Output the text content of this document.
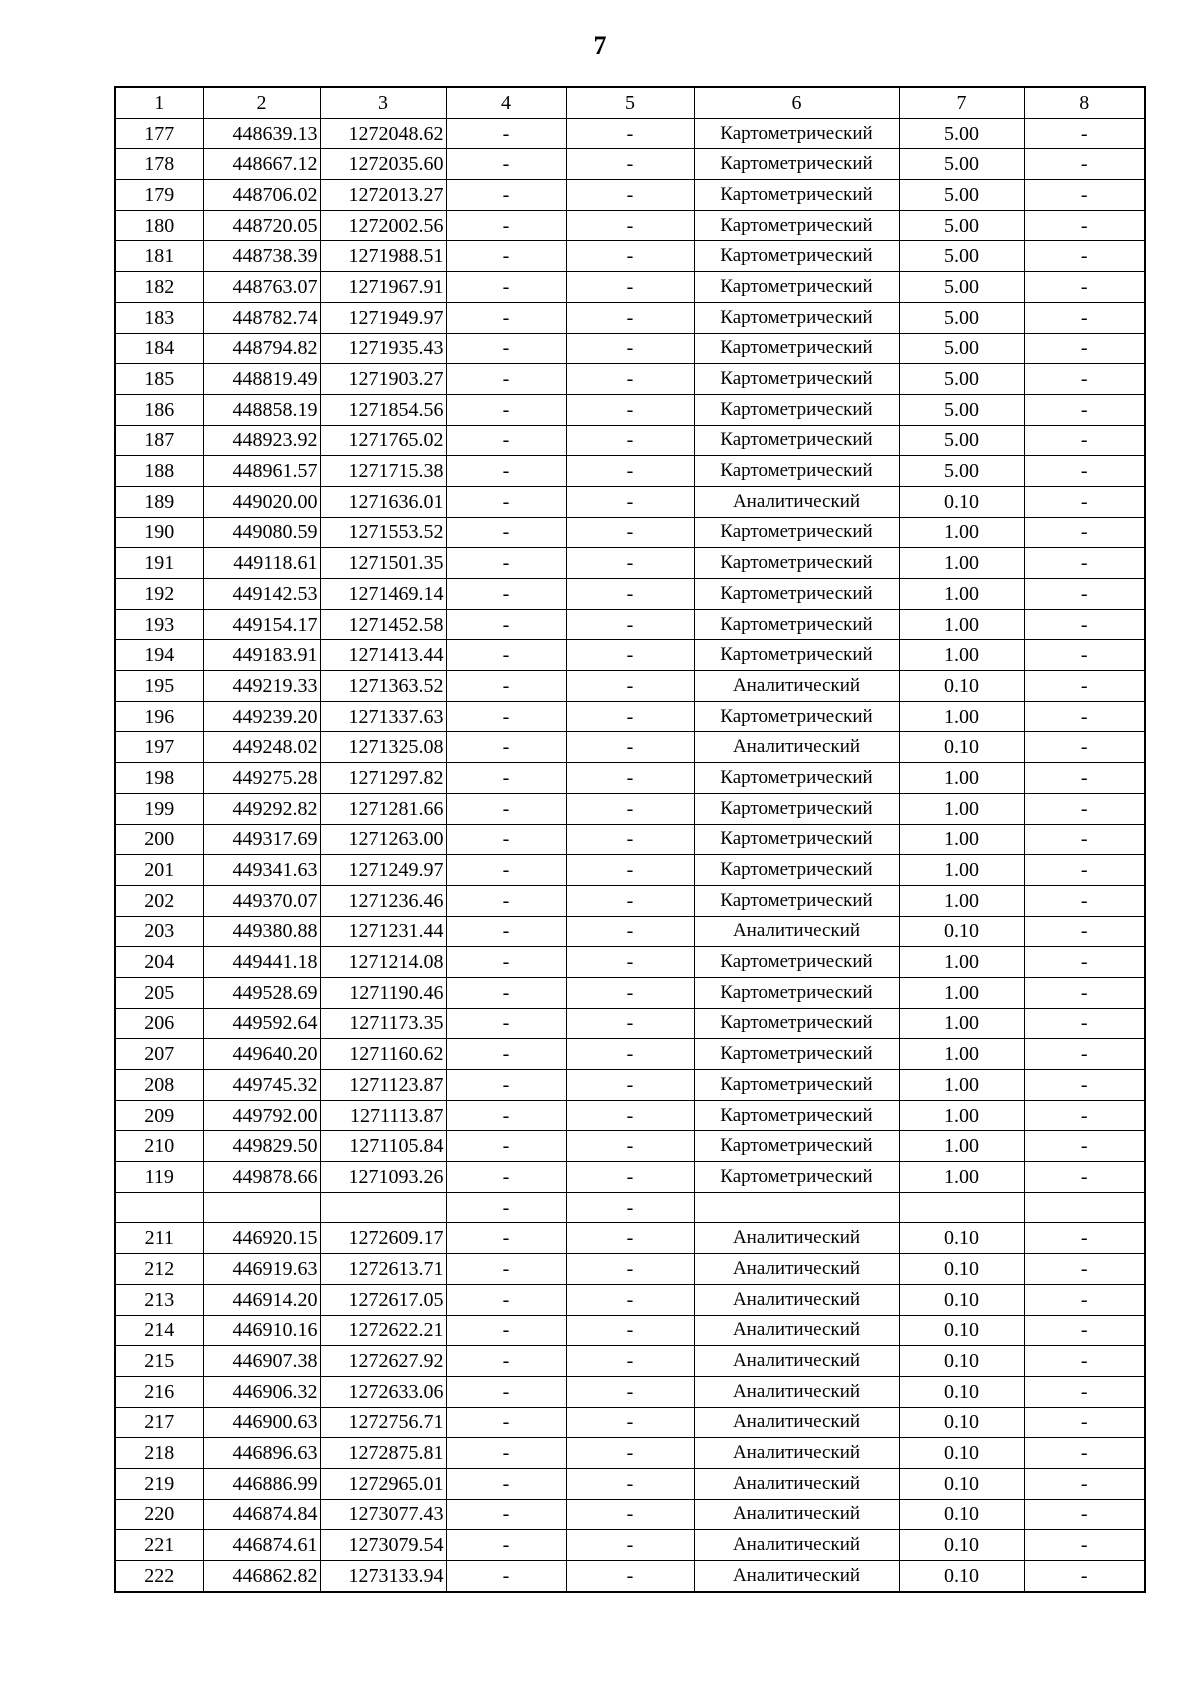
7
1	2	3	4	5	6	7	8
177	448639.13	1272048.62	-	-	Картометрический	5.00	-
178	448667.12	1272035.60	-	-	Картометрический	5.00	-
179	448706.02	1272013.27	-	-	Картометрический	5.00	-
180	448720.05	1272002.56	-	-	Картометрический	5.00	-
181	448738.39	1271988.51	-	-	Картометрический	5.00	-
182	448763.07	1271967.91	-	-	Картометрический	5.00	-
183	448782.74	1271949.97	-	-	Картометрический	5.00	-
184	448794.82	1271935.43	-	-	Картометрический	5.00	-
185	448819.49	1271903.27	-	-	Картометрический	5.00	-
186	448858.19	1271854.56	-	-	Картометрический	5.00	-
187	448923.92	1271765.02	-	-	Картометрический	5.00	-
188	448961.57	1271715.38	-	-	Картометрический	5.00	-
189	449020.00	1271636.01	-	-	Аналитический	0.10	-
190	449080.59	1271553.52	-	-	Картометрический	1.00	-
191	449118.61	1271501.35	-	-	Картометрический	1.00	-
192	449142.53	1271469.14	-	-	Картометрический	1.00	-
193	449154.17	1271452.58	-	-	Картометрический	1.00	-
194	449183.91	1271413.44	-	-	Картометрический	1.00	-
195	449219.33	1271363.52	-	-	Аналитический	0.10	-
196	449239.20	1271337.63	-	-	Картометрический	1.00	-
197	449248.02	1271325.08	-	-	Аналитический	0.10	-
198	449275.28	1271297.82	-	-	Картометрический	1.00	-
199	449292.82	1271281.66	-	-	Картометрический	1.00	-
200	449317.69	1271263.00	-	-	Картометрический	1.00	-
201	449341.63	1271249.97	-	-	Картометрический	1.00	-
202	449370.07	1271236.46	-	-	Картометрический	1.00	-
203	449380.88	1271231.44	-	-	Аналитический	0.10	-
204	449441.18	1271214.08	-	-	Картометрический	1.00	-
205	449528.69	1271190.46	-	-	Картометрический	1.00	-
206	449592.64	1271173.35	-	-	Картометрический	1.00	-
207	449640.20	1271160.62	-	-	Картометрический	1.00	-
208	449745.32	1271123.87	-	-	Картометрический	1.00	-
209	449792.00	1271113.87	-	-	Картометрический	1.00	-
210	449829.50	1271105.84	-	-	Картометрический	1.00	-
119	449878.66	1271093.26	-	-	Картометрический	1.00	-
			-	-			
211	446920.15	1272609.17	-	-	Аналитический	0.10	-
212	446919.63	1272613.71	-	-	Аналитический	0.10	-
213	446914.20	1272617.05	-	-	Аналитический	0.10	-
214	446910.16	1272622.21	-	-	Аналитический	0.10	-
215	446907.38	1272627.92	-	-	Аналитический	0.10	-
216	446906.32	1272633.06	-	-	Аналитический	0.10	-
217	446900.63	1272756.71	-	-	Аналитический	0.10	-
218	446896.63	1272875.81	-	-	Аналитический	0.10	-
219	446886.99	1272965.01	-	-	Аналитический	0.10	-
220	446874.84	1273077.43	-	-	Аналитический	0.10	-
221	446874.61	1273079.54	-	-	Аналитический	0.10	-
222	446862.82	1273133.94	-	-	Аналитический	0.10	-
